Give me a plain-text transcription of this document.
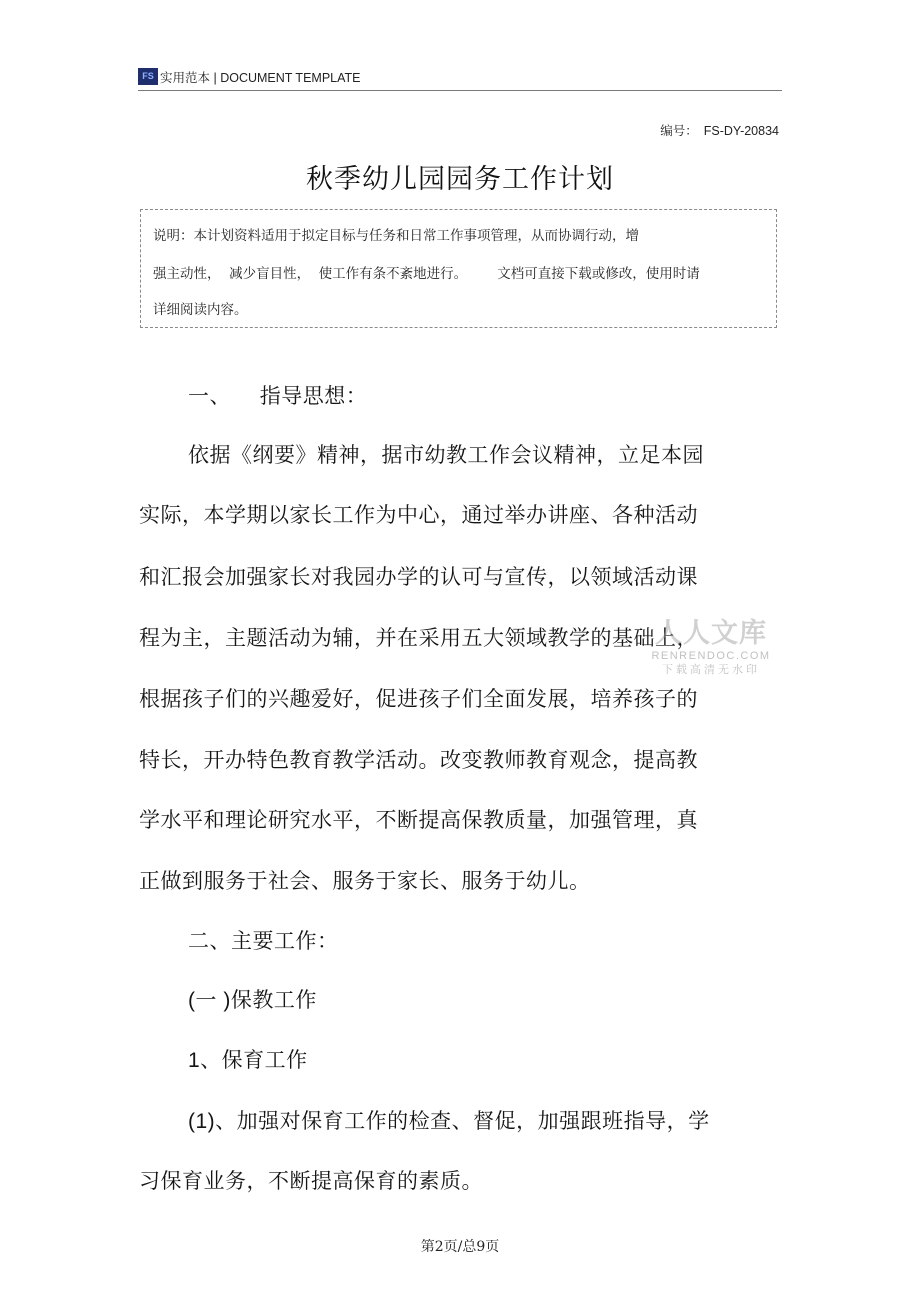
FS 实用范本 | DOCUMENT TEMPLATE
编号： FS-DY-20834
秋季幼儿园园务工作计划
说明：本计划资料适用于拟定目标与任务和日常工作事项管理，从而协调行动，增
强主动性，  减少盲目性，  使工作有条不紊地进行。       文档可直接下载或修改，使用时请
详细阅读内容。
一、    指导思想：
依据《纲要》精神，据市幼教工作会议精神，立足本园
实际，本学期以家长工作为中心，通过举办讲座、各种活动
和汇报会加强家长对我园办学的认可与宣传，以领域活动课
程为主，主题活动为辅，并在采用五大领域教学的基础上，
根据孩子们的兴趣爱好，促进孩子们全面发展，培养孩子的
特长，开办特色教育教学活动。改变教师教育观念，提高教
学水平和理论研究水平，不断提高保教质量，加强管理，真
正做到服务于社会、服务于家长、服务于幼儿。
二、主要工作：
(一 )保教工作
1、保育工作
(1)、加强对保育工作的检查、督促，加强跟班指导，学
习保育业务，不断提高保育的素质。
人人文库
RENRENDOC.COM
下载高清无水印
第2页/总9页
